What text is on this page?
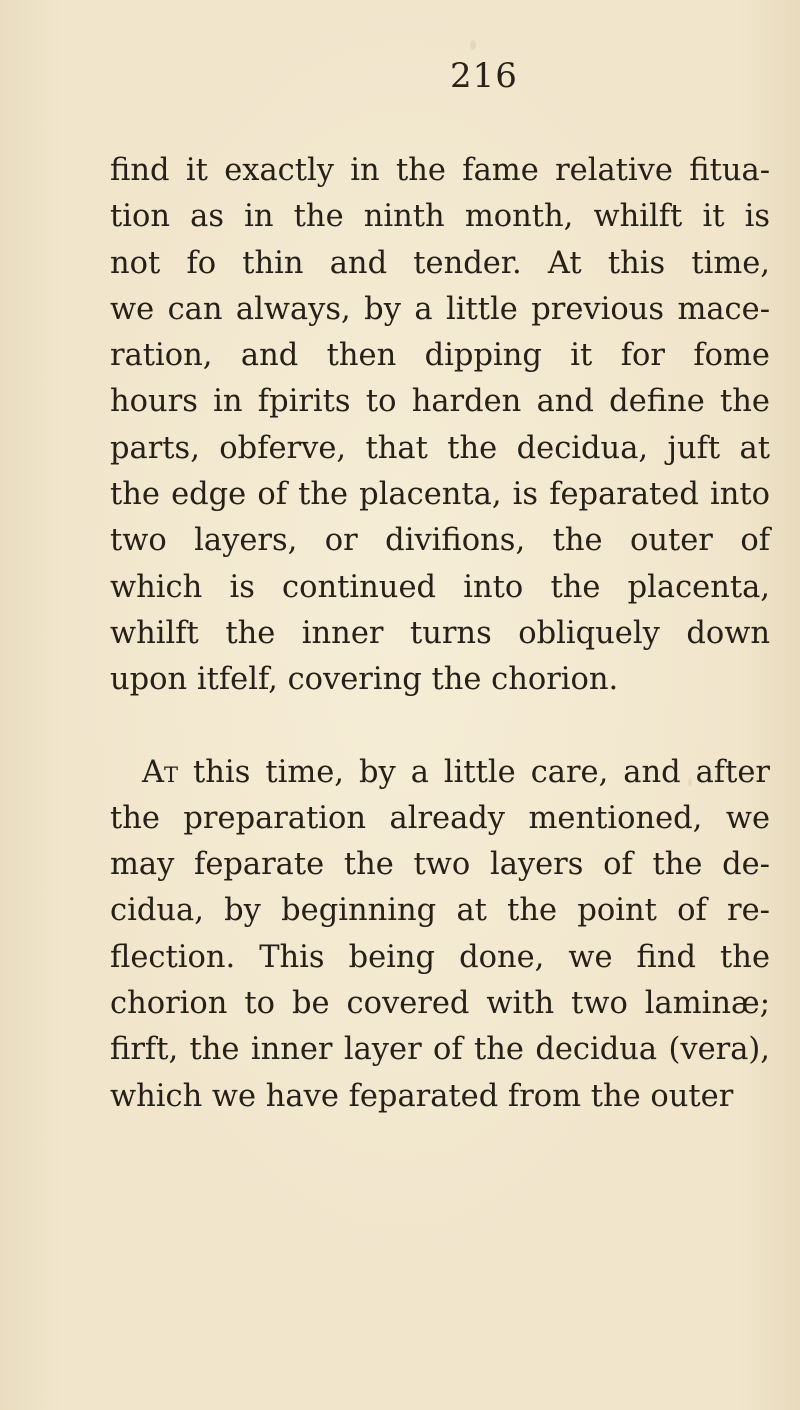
216
find it exactly in the fame relative fitua-
tion as in the ninth month, whilft it is
not fo thin and tender. At this time,
we can always, by a little previous mace-
ration, and then dipping it for fome
hours in fpirits to harden and define the
parts, obferve, that the decidua, juft at
the edge of the placenta, is feparated into
two layers, or divifions, the outer of
which is continued into the placenta,
whilft the inner turns obliquely down
upon itfelf, covering the chorion.
At this time, by a little care, and after
the preparation already mentioned, we
may feparate the two layers of the de-
cidua, by beginning at the point of re-
flection. This being done, we find the
chorion to be covered with two laminæ;
firft, the inner layer of the decidua (vera),
which we have feparated from the outer
